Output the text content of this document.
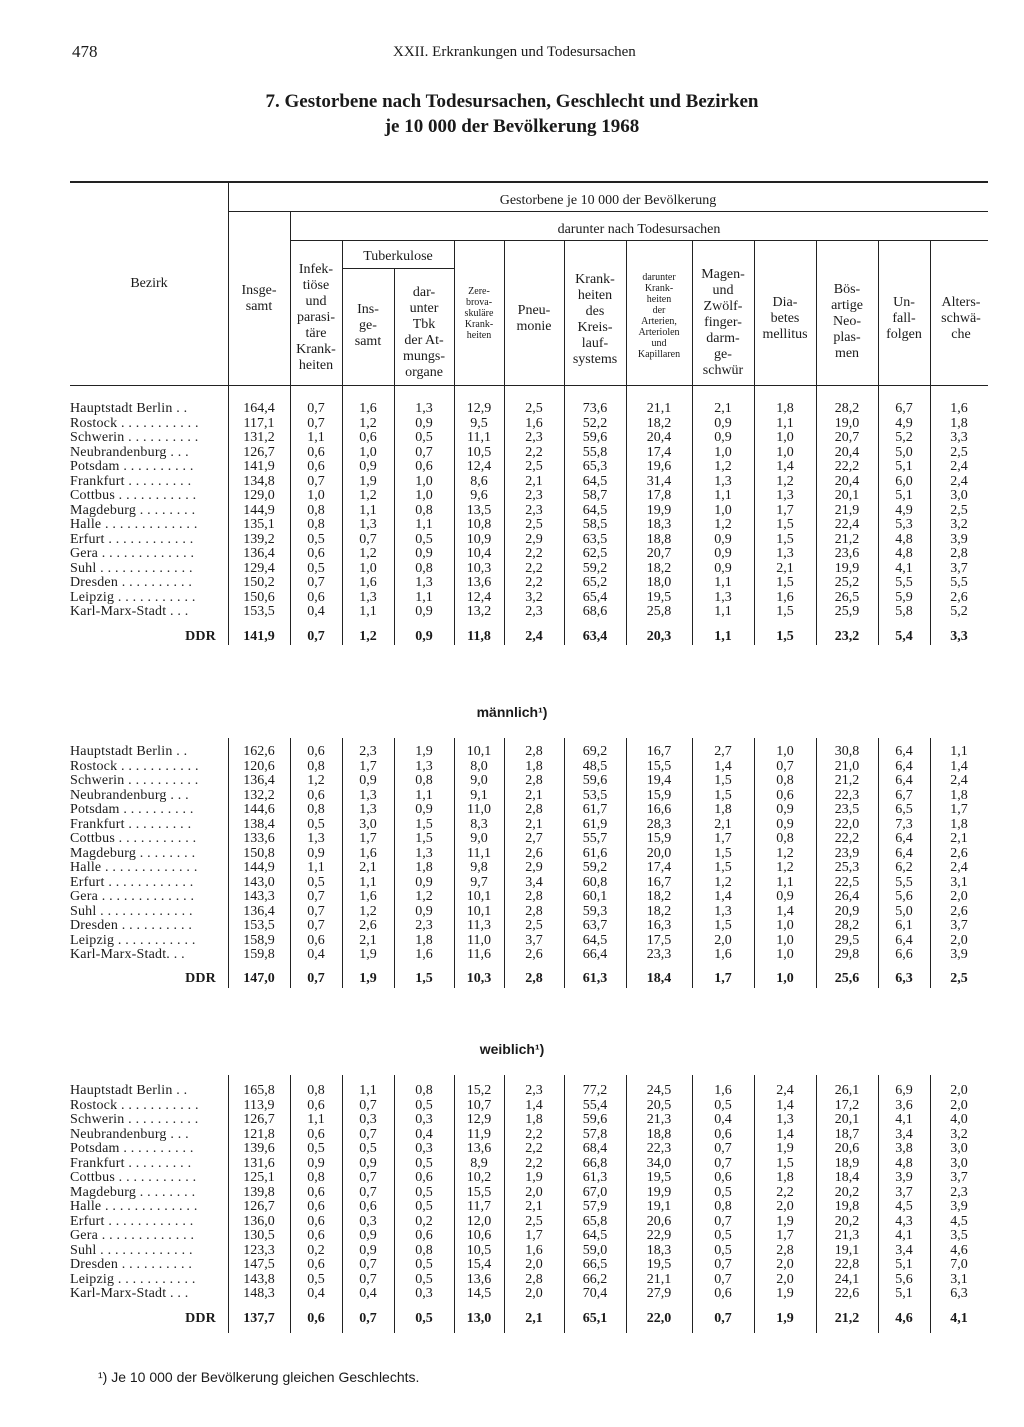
478	XXII. Erkrankungen und Todesursachen
7. Gestorbene nach Todesursachen, Geschlecht und Bezirken
je 10 000 der Bevölkerung 1968
Bezirk
Gestorbene je 10 000 der Bevölkerung
darunter nach Todesursachen
Tuberkulose
Insge-
samt
Infek-
tiöse
und
parasi-
täre
Krank-
heiten
Ins-
ge-
samt
dar-
unter
Tbk
der At-
mungs-
organe
Zere-
brova-
skuläre
Krank-
heiten
Pneu-
monie
Krank-
heiten
des
Kreis-
lauf-
systems
darunter
Krank-
heiten
der
Arterien,
Arteriolen
und
Kapillaren
Magen-
und
Zwölf-
finger-
darm-
ge-
schwür
Dia-
betes
mellitus
Bös-
artige
Neo-
plas-
men
Un-
fall-
folgen
Alters-
schwä-
che
männlich¹)
weiblich¹)
Hauptstadt Berlin . .	164,4	0,7	1,6	1,3	12,9	2,5	73,6	21,1	2,1	1,8	28,2	6,7	1,6
Rostock . . . . . . . . . . .	117,1	0,7	1,2	0,9	9,5	1,6	52,2	18,2	0,9	1,1	19,0	4,9	1,8
Schwerin . . . . . . . . . .	131,2	1,1	0,6	0,5	11,1	2,3	59,6	20,4	0,9	1,0	20,7	5,2	3,3
Neubrandenburg . . .	126,7	0,6	1,0	0,7	10,5	2,2	55,8	17,4	1,0	1,0	20,4	5,0	2,5
Potsdam . . . . . . . . . .	141,9	0,6	0,9	0,6	12,4	2,5	65,3	19,6	1,2	1,4	22,2	5,1	2,4
Frankfurt . . . . . . . . .	134,8	0,7	1,9	1,0	8,6	2,1	64,5	31,4	1,3	1,2	20,4	6,0	2,4
Cottbus . . . . . . . . . . .	129,0	1,0	1,2	1,0	9,6	2,3	58,7	17,8	1,1	1,3	20,1	5,1	3,0
Magdeburg . . . . . . . .	144,9	0,8	1,1	0,8	13,5	2,3	64,5	19,9	1,0	1,7	21,9	4,9	2,5
Halle . . . . . . . . . . . . .	135,1	0,8	1,3	1,1	10,8	2,5	58,5	18,3	1,2	1,5	22,4	5,3	3,2
Erfurt . . . . . . . . . . . .	139,2	0,5	0,7	0,5	10,9	2,9	63,5	18,8	0,9	1,5	21,2	4,8	3,9
Gera . . . . . . . . . . . . .	136,4	0,6	1,2	0,9	10,4	2,2	62,5	20,7	0,9	1,3	23,6	4,8	2,8
Suhl . . . . . . . . . . . . .	129,4	0,5	1,0	0,8	10,3	2,2	59,2	18,2	0,9	2,1	19,9	4,1	3,7
Dresden . . . . . . . . . .	150,2	0,7	1,6	1,3	13,6	2,2	65,2	18,0	1,1	1,5	25,2	5,5	5,5
Leipzig . . . . . . . . . . .	150,6	0,6	1,3	1,1	12,4	3,2	65,4	19,5	1,3	1,6	26,5	5,9	2,6
Karl-Marx-Stadt . . .	153,5	0,4	1,1	0,9	13,2	2,3	68,6	25,8	1,1	1,5	25,9	5,8	5,2
Hauptstadt Berlin . .	162,6	0,6	2,3	1,9	10,1	2,8	69,2	16,7	2,7	1,0	30,8	6,4	1,1
Rostock . . . . . . . . . . .	120,6	0,8	1,7	1,3	8,0	1,8	48,5	15,5	1,4	0,7	21,0	6,4	1,4
Schwerin . . . . . . . . . .	136,4	1,2	0,9	0,8	9,0	2,8	59,6	19,4	1,5	0,8	21,2	6,4	2,4
Neubrandenburg . . .	132,2	0,6	1,3	1,1	9,1	2,1	53,5	15,9	1,5	0,6	22,3	6,7	1,8
Potsdam . . . . . . . . . .	144,6	0,8	1,3	0,9	11,0	2,8	61,7	16,6	1,8	0,9	23,5	6,5	1,7
Frankfurt . . . . . . . . .	138,4	0,5	3,0	1,5	8,3	2,1	61,9	28,3	2,1	0,9	22,0	7,3	1,8
Cottbus . . . . . . . . . . .	133,6	1,3	1,7	1,5	9,0	2,7	55,7	15,9	1,7	0,8	22,2	6,4	2,1
Magdeburg . . . . . . . .	150,8	0,9	1,6	1,3	11,1	2,6	61,6	20,0	1,5	1,2	23,9	6,4	2,6
Halle . . . . . . . . . . . . .	144,9	1,1	2,1	1,8	9,8	2,9	59,2	17,4	1,5	1,2	25,3	6,2	2,4
Erfurt . . . . . . . . . . . .	143,0	0,5	1,1	0,9	9,7	3,4	60,8	16,7	1,2	1,1	22,5	5,5	3,1
Gera . . . . . . . . . . . . .	143,3	0,7	1,6	1,2	10,1	2,8	60,1	18,2	1,4	0,9	26,4	5,6	2,0
Suhl . . . . . . . . . . . . .	136,4	0,7	1,2	0,9	10,1	2,8	59,3	18,2	1,3	1,4	20,9	5,0	2,6
Dresden . . . . . . . . . .	153,5	0,7	2,6	2,3	11,3	2,5	63,7	16,3	1,5	1,0	28,2	6,1	3,7
Leipzig . . . . . . . . . . .	158,9	0,6	2,1	1,8	11,0	3,7	64,5	17,5	2,0	1,0	29,5	6,4	2,0
Karl-Marx-Stadt. . .	159,8	0,4	1,9	1,6	11,6	2,6	66,4	23,3	1,6	1,0	29,8	6,6	3,9
Hauptstadt Berlin . .	165,8	0,8	1,1	0,8	15,2	2,3	77,2	24,5	1,6	2,4	26,1	6,9	2,0
Rostock . . . . . . . . . . .	113,9	0,6	0,7	0,5	10,7	1,4	55,4	20,5	0,5	1,4	17,2	3,6	2,0
Schwerin . . . . . . . . . .	126,7	1,1	0,3	0,3	12,9	1,8	59,6	21,3	0,4	1,3	20,1	4,1	4,0
Neubrandenburg . . .	121,8	0,6	0,7	0,4	11,9	2,2	57,8	18,8	0,6	1,4	18,7	3,4	3,2
Potsdam . . . . . . . . . .	139,6	0,5	0,5	0,3	13,6	2,2	68,4	22,3	0,7	1,9	20,6	3,8	3,0
Frankfurt . . . . . . . . .	131,6	0,9	0,9	0,5	8,9	2,2	66,8	34,0	0,7	1,5	18,9	4,8	3,0
Cottbus . . . . . . . . . . .	125,1	0,8	0,7	0,6	10,2	1,9	61,3	19,5	0,6	1,8	18,4	3,9	3,7
Magdeburg . . . . . . . .	139,8	0,6	0,7	0,5	15,5	2,0	67,0	19,9	0,5	2,2	20,2	3,7	2,3
Halle . . . . . . . . . . . . .	126,7	0,6	0,6	0,5	11,7	2,1	57,9	19,1	0,8	2,0	19,8	4,5	3,9
Erfurt . . . . . . . . . . . .	136,0	0,6	0,3	0,2	12,0	2,5	65,8	20,6	0,7	1,9	20,2	4,3	4,5
Gera . . . . . . . . . . . . .	130,5	0,6	0,9	0,6	10,6	1,7	64,5	22,9	0,5	1,7	21,3	4,1	3,5
Suhl . . . . . . . . . . . . .	123,3	0,2	0,9	0,8	10,5	1,6	59,0	18,3	0,5	2,8	19,1	3,4	4,6
Dresden . . . . . . . . . .	147,5	0,6	0,7	0,5	15,4	2,0	66,5	19,5	0,7	2,0	22,8	5,1	7,0
Leipzig . . . . . . . . . . .	143,8	0,5	0,7	0,5	13,6	2,8	66,2	21,1	0,7	2,0	24,1	5,6	3,1
Karl-Marx-Stadt . . .	148,3	0,4	0,4	0,3	14,5	2,0	70,4	27,9	0,6	1,9	22,6	5,1	6,3
DDR	141,9	0,7	1,2	0,9	11,8	2,4	63,4	20,3	1,1	1,5	23,2	5,4	3,3
DDR	147,0	0,7	1,9	1,5	10,3	2,8	61,3	18,4	1,7	1,0	25,6	6,3	2,5
DDR	137,7	0,6	0,7	0,5	13,0	2,1	65,1	22,0	0,7	1,9	21,2	4,6	4,1
¹) Je 10 000 der Bevölkerung gleichen Geschlechts.
